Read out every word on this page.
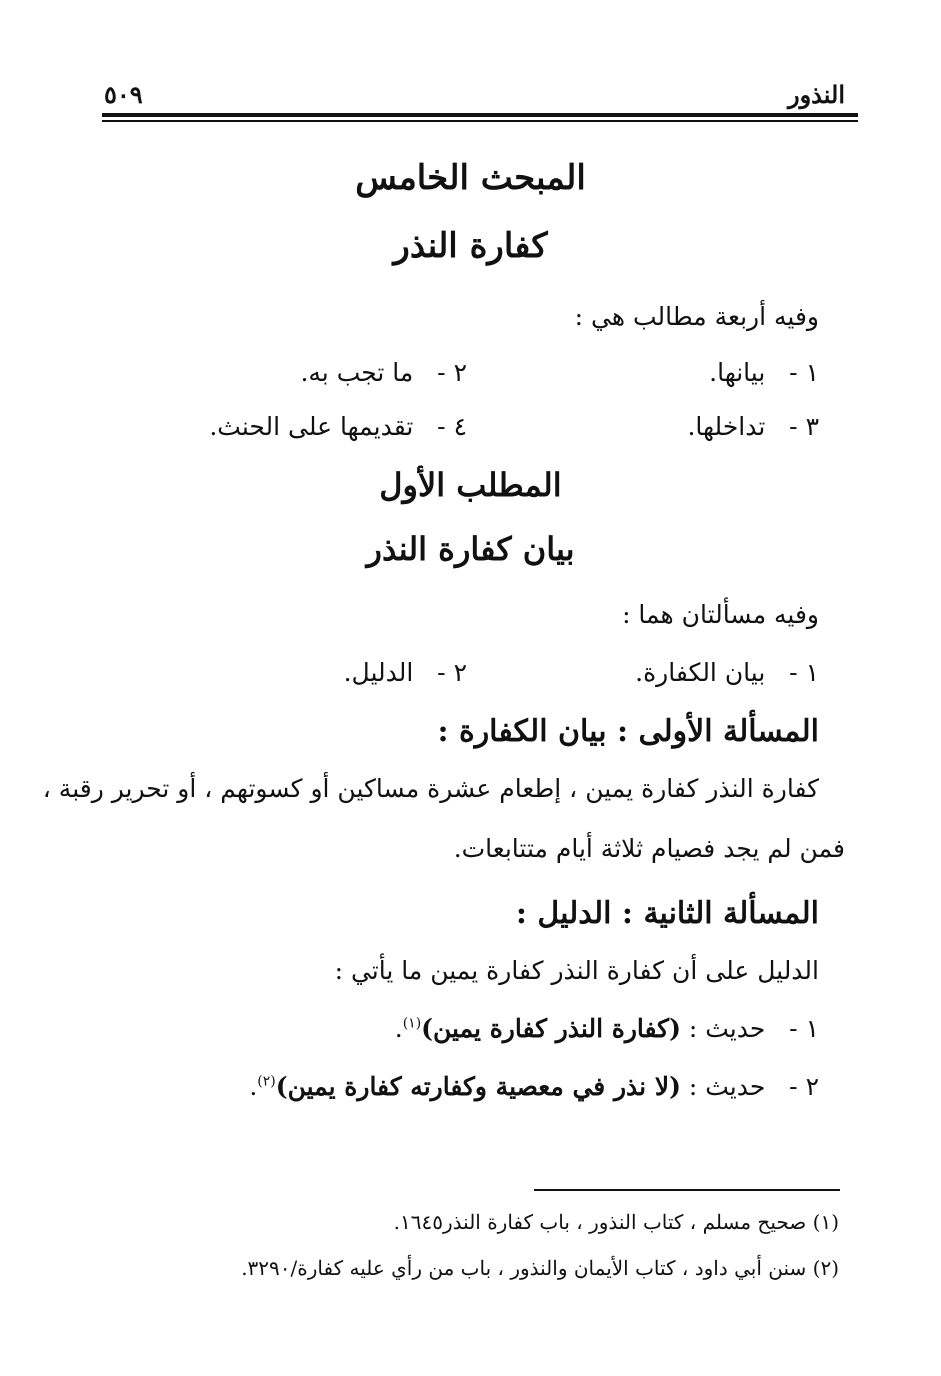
النذور
٥٠٩
المبحث الخامس
كفارة النذر
وفيه أربعة مطالب هي :
١ -   بيانها.
٢ -   ما تجب به.
٣ -   تداخلها.
٤ -   تقديمها على الحنث.
المطلب الأول
بيان كفارة النذر
وفيه مسألتان هما :
١ -   بيان الكفارة.
٢ -   الدليل.
المسألة الأولى : بيان الكفارة :
كفارة النذر كفارة يمين ، إطعام عشرة مساكين أو كسوتهم ، أو تحرير رقبة ،
فمن لم يجد فصيام ثلاثة أيام متتابعات.
المسألة الثانية : الدليل :
الدليل على أن كفارة النذر كفارة يمين ما يأتي :
١ -   حديث : (كفارة النذر كفارة يمين)$^{(١)}$.
٢ -   حديث : (لا نذر في معصية وكفارته كفارة يمين)$^{(٢)}$.
(١) صحيح مسلم ، كتاب النذور ، باب كفارة النذر١٦٤٥.
(٢) سنن أبي داود ، كتاب الأيمان والنذور ، باب من رأي عليه كفارة/٣٢٩٠.
